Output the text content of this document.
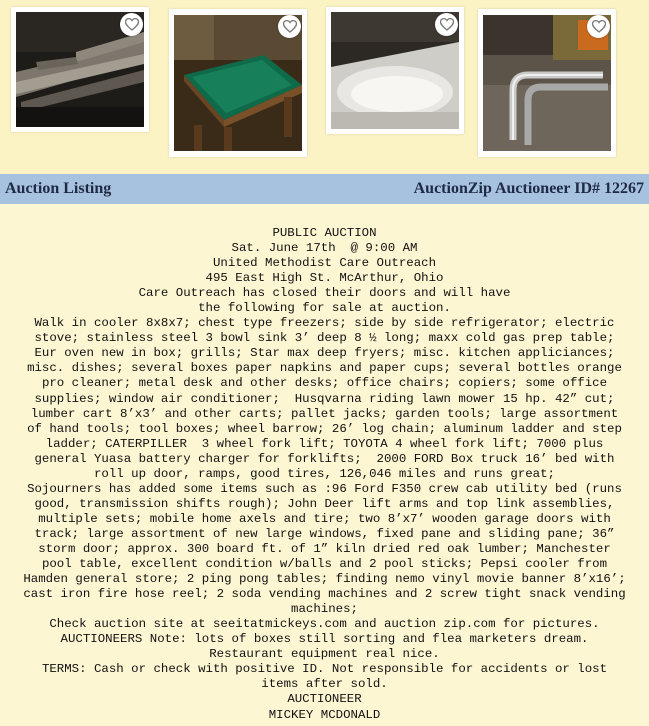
Auction Listing	AuctionZip Auctioneer ID# 12267
PUBLIC AUCTION
Sat. June 17th  @ 9:00 AM
United Methodist Care Outreach
495 East High St. McArthur, Ohio
Care Outreach has closed their doors and will have
the following for sale at auction.
Walk in cooler 8x8x7; chest type freezers; side by side refrigerator; electric
stove; stainless steel 3 bowl sink 3’ deep 8 ½ long; maxx cold gas prep table;
Eur oven new in box; grills; Star max deep fryers; misc. kitchen appliciances;
misc. dishes; several boxes paper napkins and paper cups; several bottles orange
pro cleaner; metal desk and other desks; office chairs; copiers; some office
supplies; window air conditioner;  Husqvarna riding lawn mower 15 hp. 42” cut;
lumber cart 8’x3’ and other carts; pallet jacks; garden tools; large assortment
of hand tools; tool boxes; wheel barrow; 26’ log chain; aluminum ladder and step
ladder; CATERPILLER  3 wheel fork lift; TOYOTA 4 wheel fork lift; 7000 plus
general Yuasa battery charger for forklifts;  2000 FORD Box truck 16’ bed with
roll up door, ramps, good tires, 126,046 miles and runs great;
Sojourners has added some items such as :96 Ford F350 crew cab utility bed (runs
good, transmission shifts rough); John Deer lift arms and top link assemblies,
multiple sets; mobile home axels and tire; two 8’x7’ wooden garage doors with
track; large assortment of new large windows, fixed pane and sliding pane; 36”
storm door; approx. 300 board ft. of 1” kiln dried red oak lumber; Manchester
pool table, excellent condition w/balls and 2 pool sticks; Pepsi cooler from
Hamden general store; 2 ping pong tables; finding nemo vinyl movie banner 8’x16’;
cast iron fire hose reel; 2 soda vending machines and 2 screw tight snack vending
machines;
Check auction site at seeitatmickeys.com and auction zip.com for pictures.
AUCTIONEERS Note: lots of boxes still sorting and flea marketers dream.
Restaurant equipment real nice.
TERMS: Cash or check with positive ID. Not responsible for accidents or lost
items after sold.
AUCTIONEER
MICKEY MCDONALD
